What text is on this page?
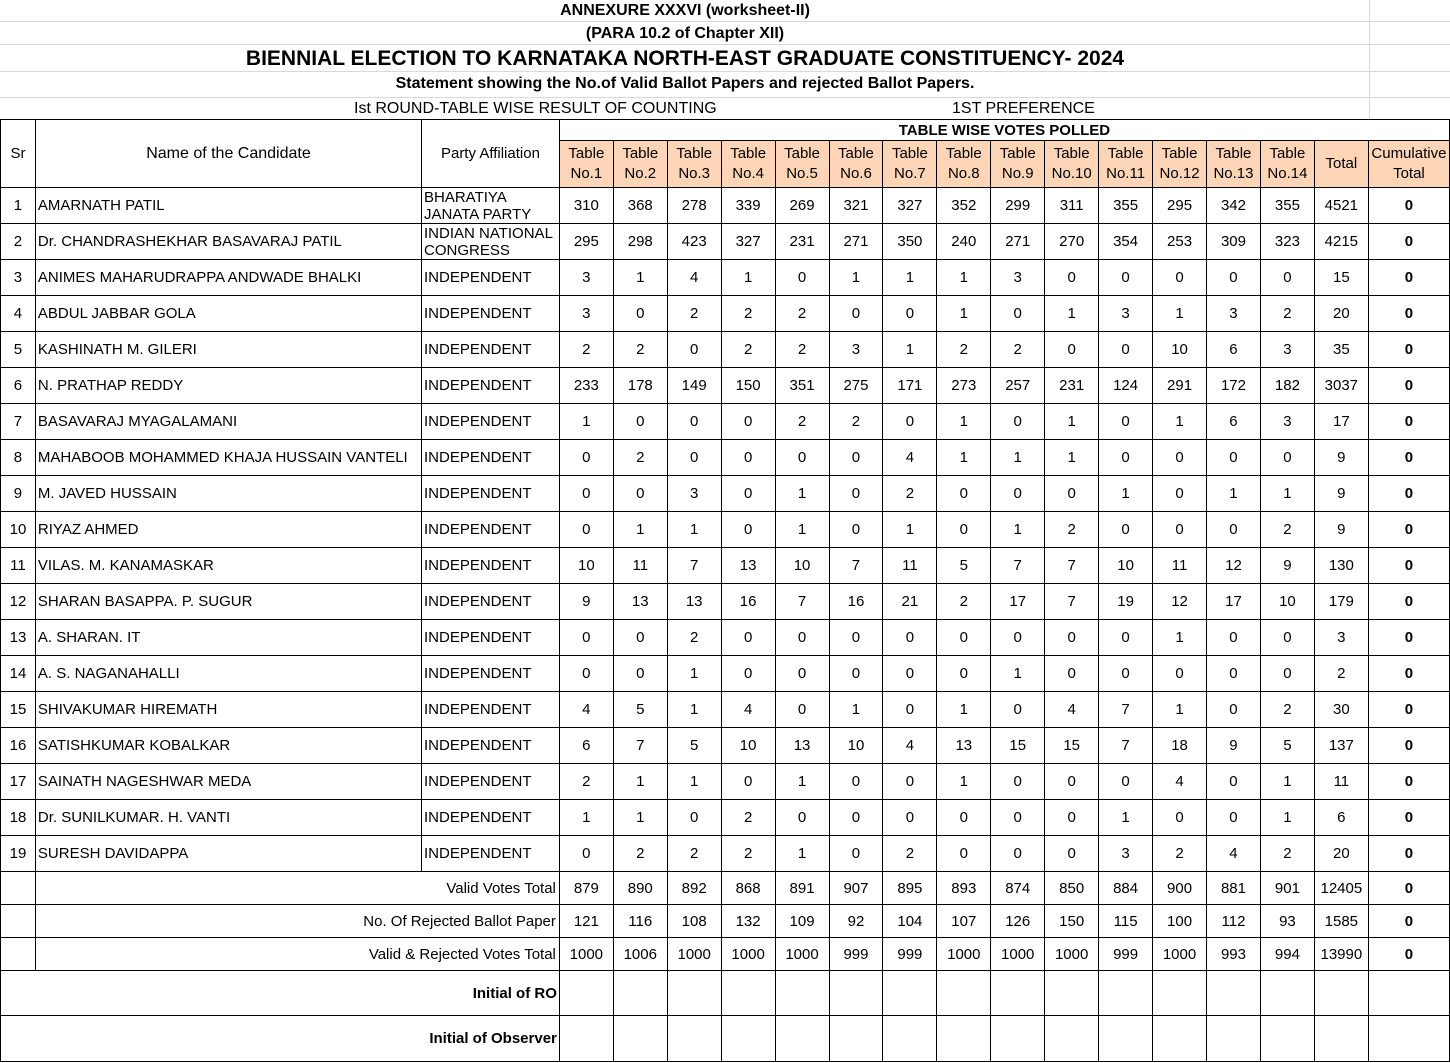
ANNEXURE XXXVI (worksheet-II)
(PARA 10.2 of Chapter XII)
BIENNIAL ELECTION TO KARNATAKA NORTH-EAST GRADUATE CONSTITUENCY- 2024
Statement showing the No.of Valid Ballot Papers and rejected Ballot Papers.
Ist ROUND-TABLE WISE RESULT OF COUNTING	1ST PREFERENCE
Sr	Name of the Candidate	Party Affiliation	TABLE WISE VOTES POLLED															
			Table No.1	Table No.2	Table No.3	Table No.4	Table No.5	Table No.6	Table No.7	Table No.8	Table No.9	Table No.10	Table No.11	Table No.12	Table No.13	Table No.14	Total	Cumulative Total
1	AMARNATH PATIL	BHARATIYA JANATA PARTY	310	368	278	339	269	321	327	352	299	311	355	295	342	355	4521	0
2	Dr. CHANDRASHEKHAR BASAVARAJ PATIL	INDIAN NATIONAL CONGRESS	295	298	423	327	231	271	350	240	271	270	354	253	309	323	4215	0
3	ANIMES MAHARUDRAPPA ANDWADE BHALKI	INDEPENDENT	3	1	4	1	0	1	1	1	3	0	0	0	0	0	15	0
4	ABDUL JABBAR GOLA	INDEPENDENT	3	0	2	2	2	0	0	1	0	1	3	1	3	2	20	0
5	KASHINATH M. GILERI	INDEPENDENT	2	2	0	2	2	3	1	2	2	0	0	10	6	3	35	0
6	N. PRATHAP REDDY	INDEPENDENT	233	178	149	150	351	275	171	273	257	231	124	291	172	182	3037	0
7	BASAVARAJ MYAGALAMANI	INDEPENDENT	1	0	0	0	2	2	0	1	0	1	0	1	6	3	17	0
8	MAHABOOB MOHAMMED KHAJA HUSSAIN VANTELI	INDEPENDENT	0	2	0	0	0	0	4	1	1	1	0	0	0	0	9	0
9	M. JAVED HUSSAIN	INDEPENDENT	0	0	3	0	1	0	2	0	0	0	1	0	1	1	9	0
10	RIYAZ AHMED	INDEPENDENT	0	1	1	0	1	0	1	0	1	2	0	0	0	2	9	0
11	VILAS. M. KANAMASKAR	INDEPENDENT	10	11	7	13	10	7	11	5	7	7	10	11	12	9	130	0
12	SHARAN BASAPPA. P. SUGUR	INDEPENDENT	9	13	13	16	7	16	21	2	17	7	19	12	17	10	179	0
13	A. SHARAN. IT	INDEPENDENT	0	0	2	0	0	0	0	0	0	0	0	1	0	0	3	0
14	A. S. NAGANAHALLI	INDEPENDENT	0	0	1	0	0	0	0	0	1	0	0	0	0	0	2	0
15	SHIVAKUMAR HIREMATH	INDEPENDENT	4	5	1	4	0	1	0	1	0	4	7	1	0	2	30	0
16	SATISHKUMAR KOBALKAR	INDEPENDENT	6	7	5	10	13	10	4	13	15	15	7	18	9	5	137	0
17	SAINATH NAGESHWAR MEDA	INDEPENDENT	2	1	1	0	1	0	0	1	0	0	0	4	0	1	11	0
18	Dr. SUNILKUMAR. H. VANTI	INDEPENDENT	1	1	0	2	0	0	0	0	0	0	1	0	0	1	6	0
19	SURESH DAVIDAPPA	INDEPENDENT	0	2	2	2	1	0	2	0	0	0	3	2	4	2	20	0
	Valid Votes Total		879	890	892	868	891	907	895	893	874	850	884	900	881	901	12405	0
	No. Of Rejected Ballot Paper		121	116	108	132	109	92	104	107	126	150	115	100	112	93	1585	0
	Valid & Rejected Votes Total		1000	1006	1000	1000	1000	999	999	1000	1000	1000	999	1000	993	994	13990	0
Initial of RO																		
Initial of Observer																		
